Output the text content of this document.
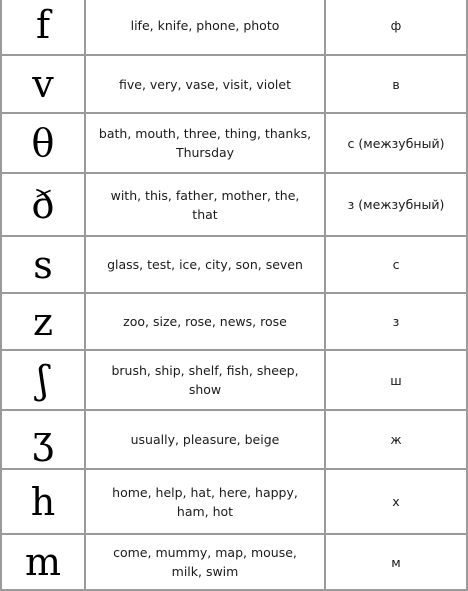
f	life, knife, phone, photo	ф
v	five, very, vase, visit, violet	в
θ	bath, mouth, three, thing, thanks, Thursday	с (межзубный)
ð	with, this, father, mother, the, that	з (межзубный)
s	glass, test, ice, city, son, seven	с
z	zoo, size, rose, news, rose	з
ʃ	brush, ship, shelf, fish, sheep, show	ш
ʒ	usually, pleasure, beige	ж
h	home, help, hat, here, happy, ham, hot	х
m	come, mummy, map, mouse, milk, swim	м
